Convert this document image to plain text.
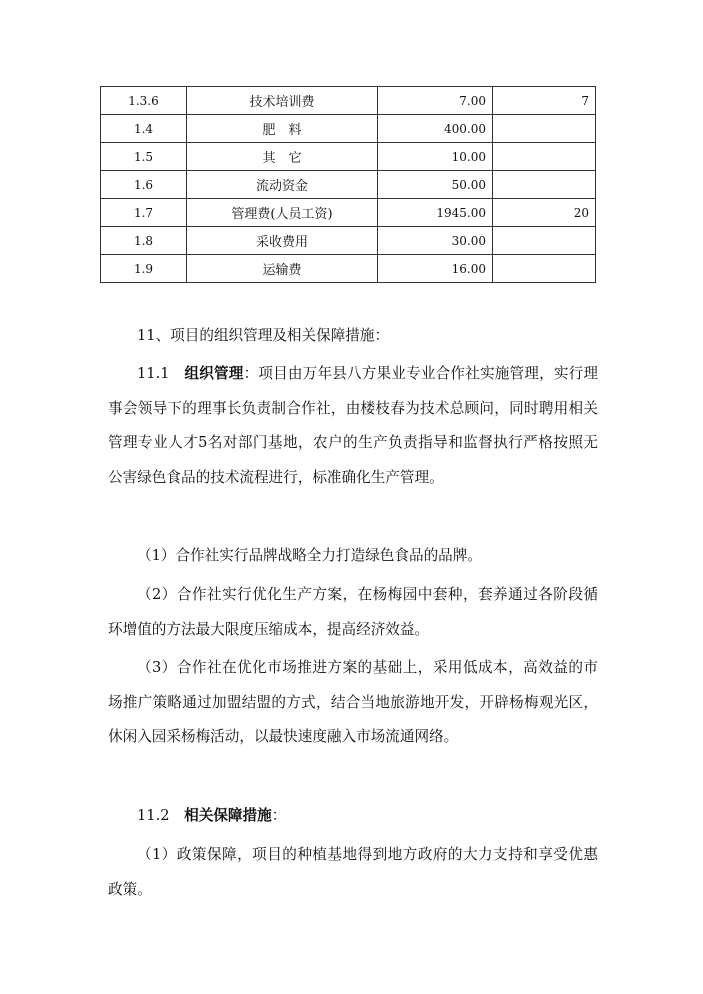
1.3.6	技术培训费	7.00	7
1.4	肥　料	400.00	
1.5	其　它	10.00	
1.6	流动资金	50.00	
1.7	管理费(人员工资)	1945.00	20
1.8	采收费用	30.00	
1.9	运输费	16.00	

11、项目的组织管理及相关保障措施：

11.1　 组织管理：项目由万年县八方果业专业合作社实施管理，实行理事会领导下的理事长负责制合作社，由楼枝春为技术总顾问，同时聘用相关管理专业人才5名对部门基地，农户的生产负责指导和监督执行严格按照无公害绿色食品的技术流程进行，标准确化生产管理。

（1）合作社实行品牌战略全力打造绿色食品的品牌。

（2）合作社实行优化生产方案，在杨梅园中套种，套养通过各阶段循环增值的方法最大限度压缩成本，提高经济效益。

（3）合作社在优化市场推进方案的基础上，采用低成本，高效益的市场推广策略通过加盟结盟的方式，结合当地旅游地开发，开辟杨梅观光区，休闲入园采杨梅活动，以最快速度融入市场流通网络。

11.2　 相关保障措施：

（1）政策保障，项目的种植基地得到地方政府的大力支持和享受优惠政策。
